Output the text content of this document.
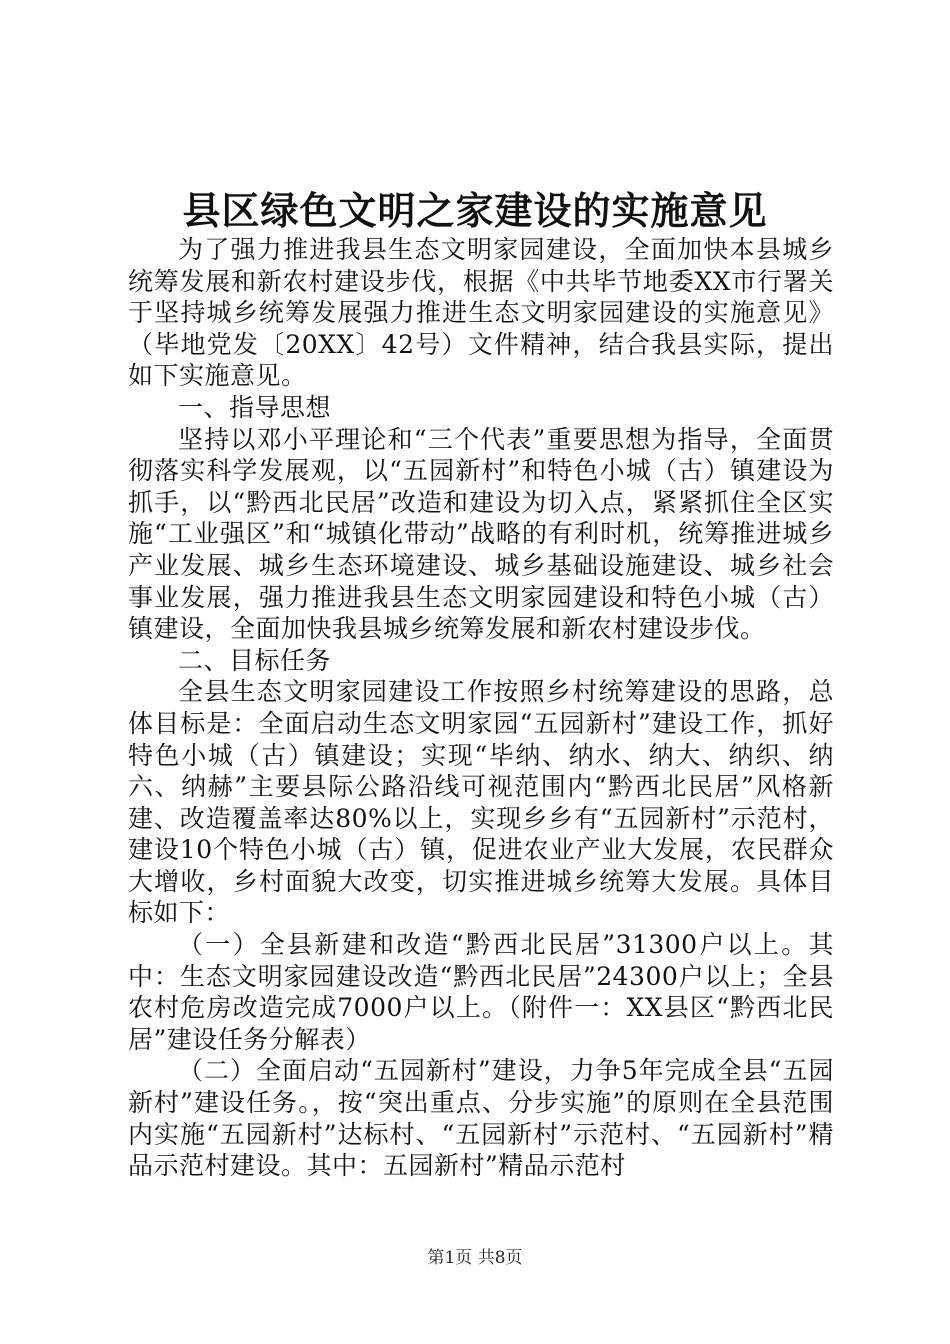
县区绿色文明之家建设的实施意见

为了强力推进我县生态文明家园建设，全面加快本县城乡统筹发展和新农村建设步伐，根据《中共毕节地委XX市行署关于坚持城乡统筹发展强力推进生态文明家园建设的实施意见》（毕地党发〔20XX〕42号）文件精神，结合我县实际，提出如下实施意见。

一、指导思想

坚持以邓小平理论和“三个代表”重要思想为指导，全面贯彻落实科学发展观，以“五园新村”和特色小城（古）镇建设为抓手，以“黔西北民居”改造和建设为切入点，紧紧抓住全区实施“工业强区”和“城镇化带动”战略的有利时机，统筹推进城乡产业发展、城乡生态环境建设、城乡基础设施建设、城乡社会事业发展，强力推进我县生态文明家园建设和特色小城（古）镇建设，全面加快我县城乡统筹发展和新农村建设步伐。

二、目标任务

全县生态文明家园建设工作按照乡村统筹建设的思路，总体目标是：全面启动生态文明家园“五园新村”建设工作，抓好特色小城（古）镇建设；实现“毕纳、纳水、纳大、纳织、纳六、纳赫”主要县际公路沿线可视范围内“黔西北民居”风格新建、改造覆盖率达80%以上，实现乡乡有“五园新村”示范村，建设10个特色小城（古）镇，促进农业产业大发展，农民群众大增收，乡村面貌大改变，切实推进城乡统筹大发展。具体目标如下：

（一）全县新建和改造“黔西北民居”31300户以上。其中：生态文明家园建设改造“黔西北民居”24300户以上；全县农村危房改造完成7000户以上。（附件一：XX县区“黔西北民居”建设任务分解表）

（二）全面启动“五园新村”建设，力争5年完成全县“五园新村”建设任务。，按“突出重点、分步实施”的原则在全县范围内实施“五园新村”达标村、“五园新村”示范村、“五园新村”精品示范村建设。其中：五园新村”精品示范村

第1页 共8页
